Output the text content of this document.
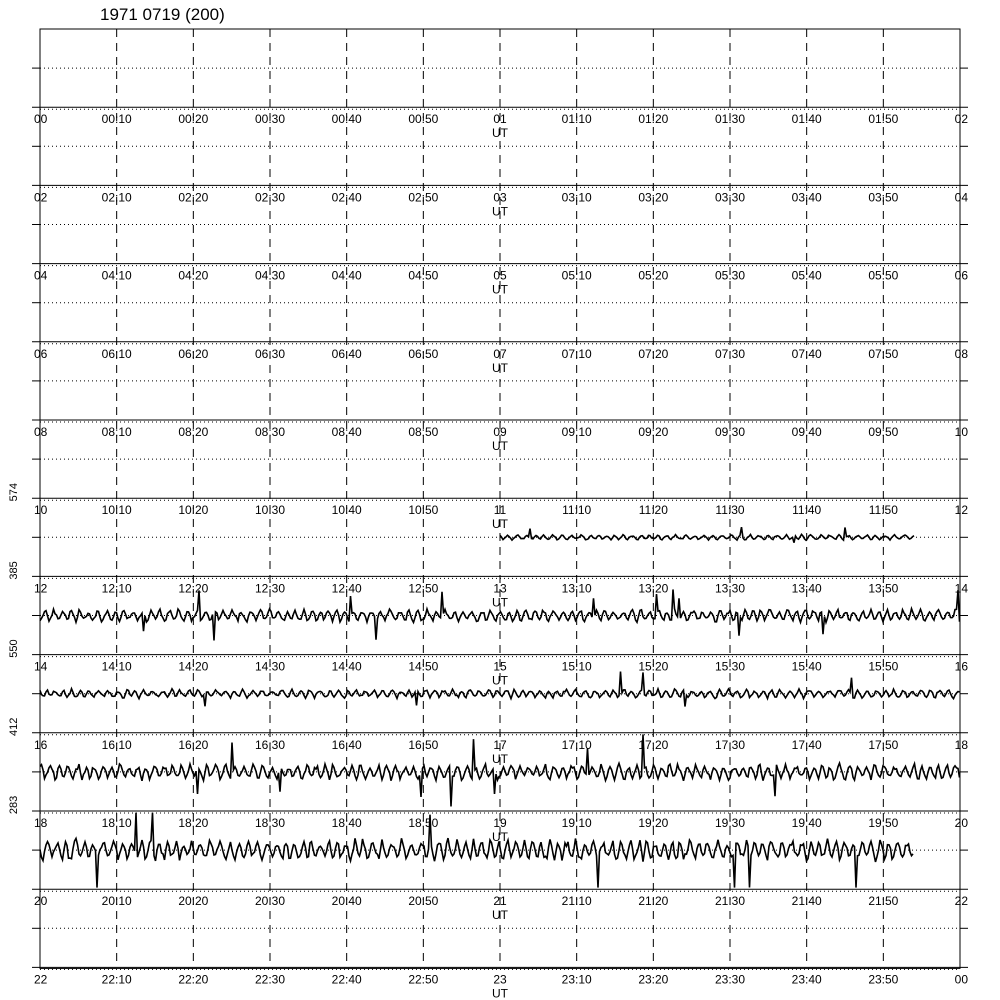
1971 0719 (200)
00	00:10	00:20	00:30	00:40	00:50	01	01:10	01:20	01:30	01:40	01:50	02
UT
02	02:10	02:20	02:30	02:40	02:50	03	03:10	03:20	03:30	03:40	03:50	04
UT
04	04:10	04:20	04:30	04:40	04:50	05	05:10	05:20	05:30	05:40	05:50	06
UT
06	06:10	06:20	06:30	06:40	06:50	07	07:10	07:20	07:30	07:40	07:50	08
UT
08	08:10	08:20	08:30	08:40	08:50	09	09:10	09:20	09:30	09:40	09:50	10
UT
10	10:10	10:20	10:30	10:40	10:50	11	11:10	11:20	11:30	11:40	11:50	12
UT
574
12	12:10	12:20	12:30	12:40	12:50	13	13:10	13:20	13:30	13:40	13:50	14
UT
385
14	14:10	14:20	14:30	14:40	14:50	15	15:10	15:20	15:30	15:40	15:50	16
UT
550
16	16:10	16:20	16:30	16:40	16:50	17	17:10	17:20	17:30	17:40	17:50	18
UT
412
18	18:10	18:20	18:30	18:40	18:50	19	19:10	19:20	19:30	19:40	19:50	20
UT
283
20	20:10	20:20	20:30	20:40	20:50	21	21:10	21:20	21:30	21:40	21:50	22
UT
22	22:10	22:20	22:30	22:40	22:50	23	23:10	23:20	23:30	23:40	23:50	00
UT
